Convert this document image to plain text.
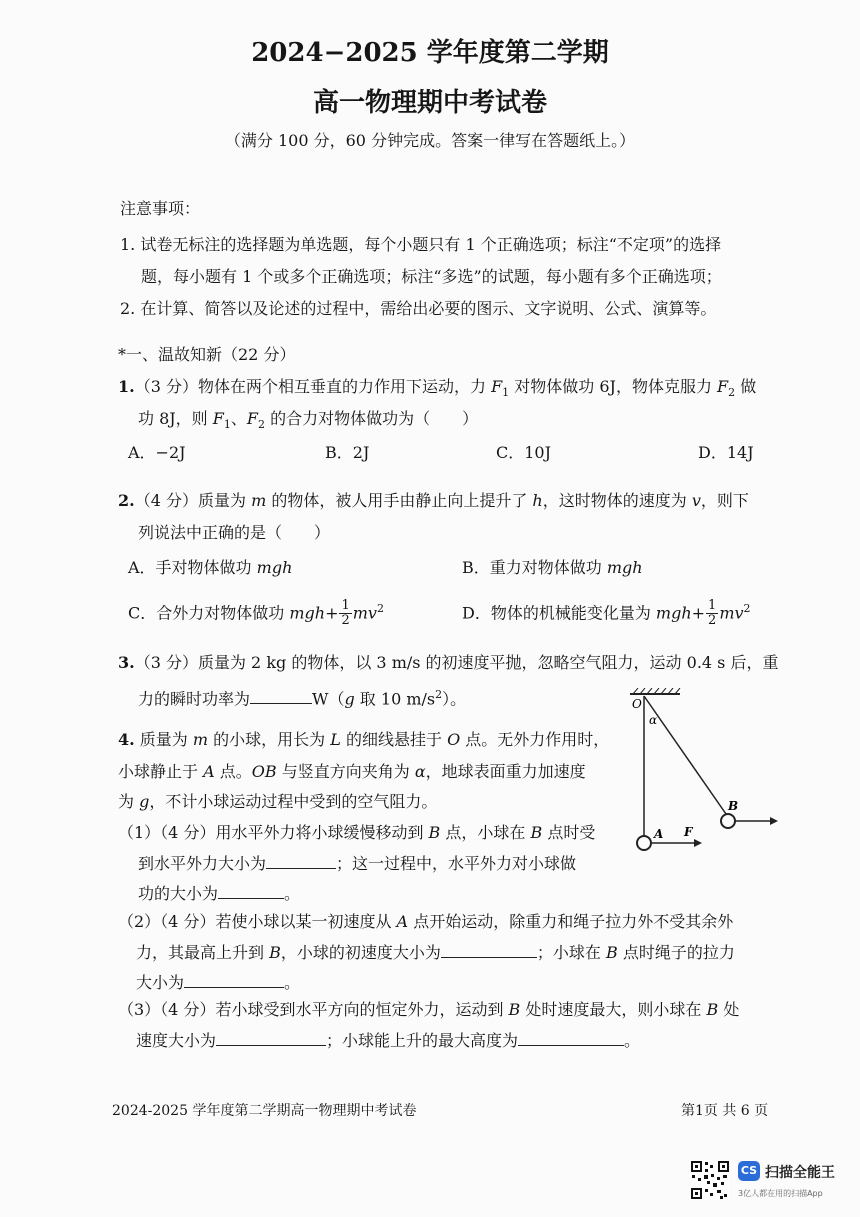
2024−2025 学年度第二学期
高一物理期中考试卷
（满分 100 分，60 分钟完成。答案一律写在答题纸上。）
注意事项：
1. 试卷无标注的选择题为单选题，每个小题只有 1 个正确选项；标注“不定项”的选择
题，每小题有 1 个或多个正确选项；标注“多选”的试题，每小题有多个正确选项；
2. 在计算、简答以及论述的过程中，需给出必要的图示、文字说明、公式、演算等。
*一、温故知新（22 分）
1.（3 分）物体在两个相互垂直的力作用下运动，力 $F_1$ 对物体做功 6J，物体克服力 $F_2$ 做
功 8J，则 $F_1$、$F_2$ 的合力对物体做功为（　　）
A．−2J	B．2J	C．10J	D．14J
2.（4 分）质量为 m 的物体，被人用手由静止向上提升了 h，这时物体的速度为 v，则下
列说法中正确的是（　　）
A．手对物体做功 mgh	B．重力对物体做功 mgh
C．合外力对物体做功 $mgh+ \frac{1}{2} mv^2$	D．物体的机械能变化量为 $mgh+ \frac{1}{2} mv^2$
3.（3 分）质量为 2 kg 的物体，以 3 m/s 的初速度平抛，忽略空气阻力，运动 0.4 s 后，重
力的瞬时功率为	W（g 取 10 $m/s^2$）。
4. 质量为 m 的小球，用长为 L 的细线悬挂于 O 点。无外力作用时，
小球静止于 A 点。OB 与竖直方向夹角为 α，地球表面重力加速度
为 g，不计小球运动过程中受到的空气阻力。
（1）（4 分）用水平外力将小球缓慢移动到 B 点，小球在 B 点时受
到水平外力大小为	；这一过程中，水平外力对小球做
功的大小为	。
（2）（4 分）若使小球以某一初速度从 A 点开始运动，除重力和绳子拉力外不受其余外
力，其最高上升到 B，小球的初速度大小为	；小球在 B 点时绳子的拉力
大小为	。
（3）（4 分）若小球受到水平方向的恒定外力，运动到 B 处时速度最大，则小球在 B 处
速度大小为	；小球能上升的最大高度为	。
O
α
A F
B
2024-2025 学年度第二学期高一物理期中考试卷	第1页 共 6 页
CS 扫描全能王
3亿人都在用的扫描App
